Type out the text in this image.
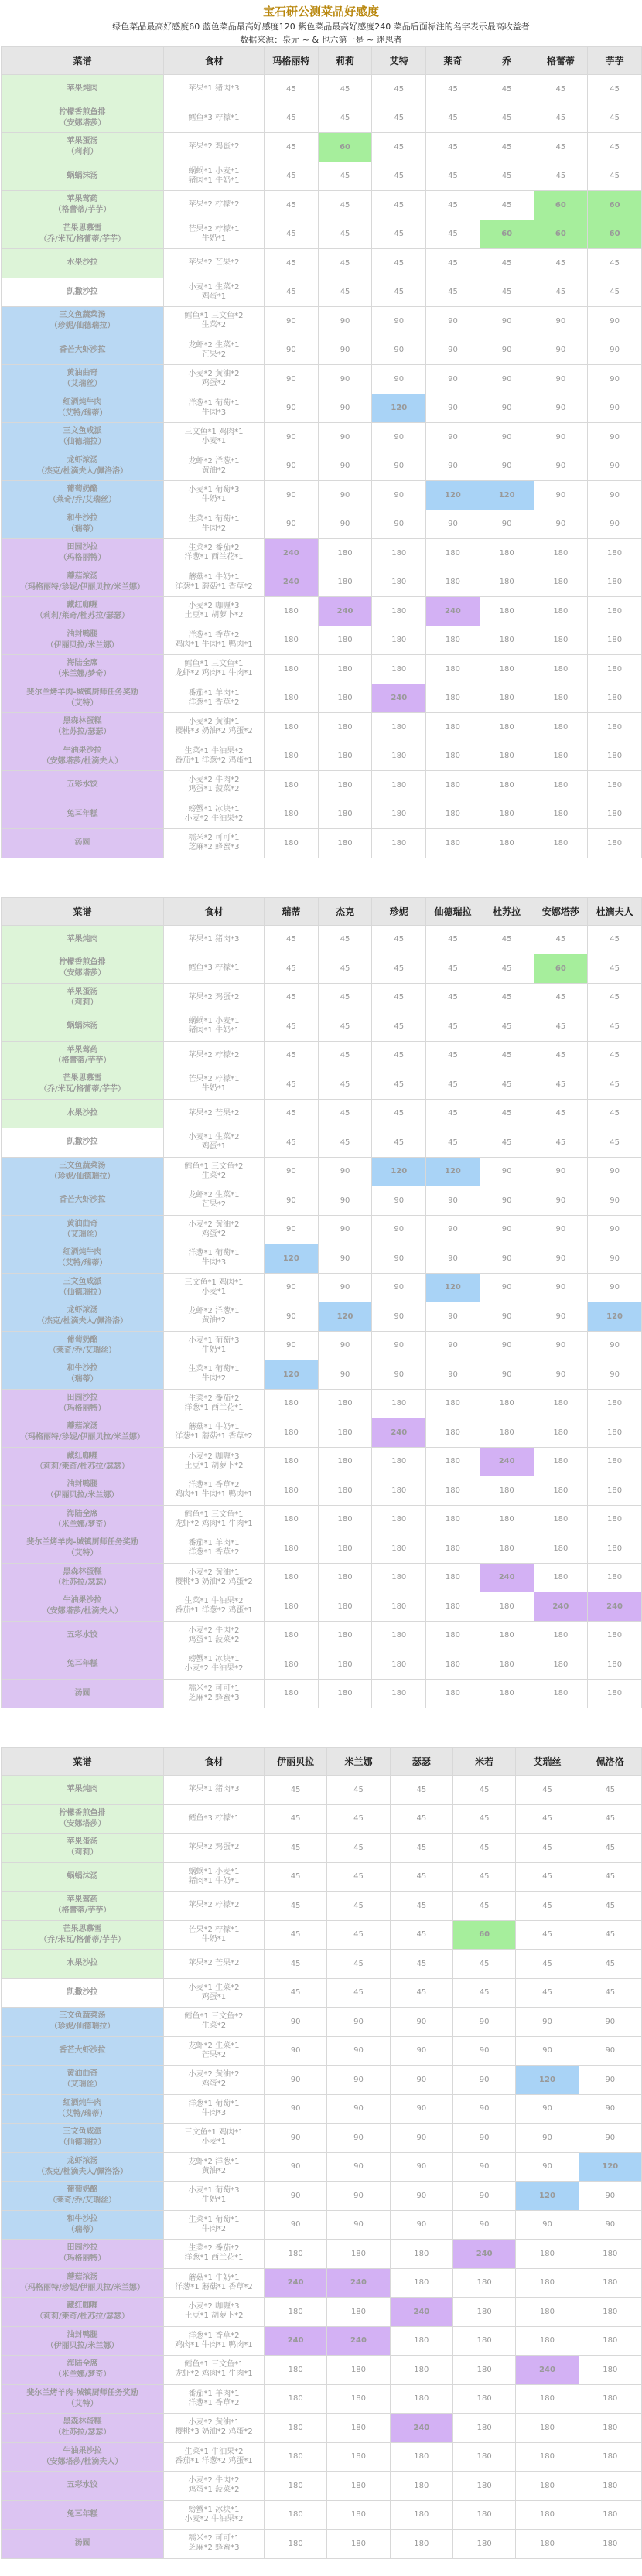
宝石研公测菜品好感度
绿色菜品最高好感度60 蓝色菜品最高好感度120 紫色菜品最高好感度240 菜品后面标注的名字表示最高收益者
数据来源：泉元 ~ & 也六第一是 ~ 迷思者
菜谱	食材	玛格丽特	莉莉	艾特	莱奇	乔	格蕾蒂	芋芋
苹果炖肉	苹果*1 猪肉*3	45	45	45	45	45	45	45
柠檬香煎鱼排
（安娜塔莎）	鳕鱼*3 柠檬*1	45	45	45	45	45	45	45
苹果蛋汤
（莉莉）	苹果*2 鸡蛋*2	45	60	45	45	45	45	45
蜗蜗沫汤	蜗蜗*1 小麦*1
猪肉*1 牛奶*1	45	45	45	45	45	45	45
苹果莺药
（格蕾蒂/芋芋）	苹果*2 柠檬*2	45	45	45	45	45	60	60
芒果思慕雪
（乔/米瓦/格蕾蒂/芋芋）	芒果*2 柠檬*1
牛奶*1	45	45	45	45	60	60	60
水果沙拉	苹果*2 芒果*2	45	45	45	45	45	45	45
凯撒沙拉	小麦*1 生菜*2
鸡蛋*1	45	45	45	45	45	45	45
三文鱼蔬菜汤
（珍妮/仙德瑞拉）	鳕鱼*1 三文鱼*2
生菜*2	90	90	90	90	90	90	90
香芒大虾沙拉	龙虾*2 生菜*1
芒果*2	90	90	90	90	90	90	90
黄油曲奇
（艾瑞丝）	小麦*2 黄油*2
鸡蛋*2	90	90	90	90	90	90	90
红酒炖牛肉
（艾特/瑞蒂）	洋葱*1 葡萄*1
牛肉*3	90	90	120	90	90	90	90
三文鱼咸派
（仙德瑞拉）	三文鱼*1 鸡肉*1
小麦*1	90	90	90	90	90	90	90
龙虾浓汤
（杰克/杜滴夫人/佩洛洛）	龙虾*2 洋葱*1
黄油*2	90	90	90	90	90	90	90
葡萄奶酪
（莱奇/乔/艾瑞丝）	小麦*1 葡萄*3
牛奶*1	90	90	90	120	120	90	90
和牛沙拉
（瑞蒂）	生菜*1 葡萄*1
牛肉*2	90	90	90	90	90	90	90
田园沙拉
（玛格丽特）	生菜*2 番茄*2
洋葱*1 西兰花*1	240	180	180	180	180	180	180
蘑菇浓汤
（玛格丽特/珍妮/伊丽贝拉/米兰娜）	蘑菇*1 牛奶*1
洋葱*1 蘑菇*1 香草*2	240	180	180	180	180	180	180
藏红咖喱
（莉莉/莱奇/杜苏拉/瑟瑟）	小麦*2 咖喱*3
土豆*1 胡萝卜*2	180	240	180	240	180	180	180
油封鸭腿
（伊丽贝拉/米兰娜）	洋葱*1 香草*2
鸡肉*1 牛肉*1 鸭肉*1	180	180	180	180	180	180	180
海陆全席
（米兰娜/梦奇）	鳕鱼*1 三文鱼*1
龙虾*2 鸡肉*1 牛肉*1	180	180	180	180	180	180	180
斐尔兰烤羊肉-城镇厨师任务奖励
（艾特）	番茄*1 羊肉*1
洋葱*1 香草*2	180	180	240	180	180	180	180
黑森林蛋糕
（杜苏拉/瑟瑟）	小麦*2 黄油*1
樱桃*3 奶油*2 鸡蛋*2	180	180	180	180	180	180	180
牛油果沙拉
（安娜塔莎/杜滴夫人）	生菜*1 牛油果*2
番茄*1 洋葱*2 鸡蛋*1	180	180	180	180	180	180	180
五彩水饺	小麦*2 牛肉*2
鸡蛋*1 菠菜*2	180	180	180	180	180	180	180
兔耳年糕	螃蟹*1 冰块*1
小麦*2 牛油果*2	180	180	180	180	180	180	180
汤圆	糯米*2 可可*1
芝麻*2 蜂蜜*3	180	180	180	180	180	180	180
菜谱	食材	瑞蒂	杰克	珍妮	仙德瑞拉	杜苏拉	安娜塔莎	杜滴夫人
苹果炖肉	苹果*1 猪肉*3	45	45	45	45	45	45	45
柠檬香煎鱼排
（安娜塔莎）	鳕鱼*3 柠檬*1	45	45	45	45	45	60	45
苹果蛋汤
（莉莉）	苹果*2 鸡蛋*2	45	45	45	45	45	45	45
蜗蜗沫汤	蜗蜗*1 小麦*1
猪肉*1 牛奶*1	45	45	45	45	45	45	45
苹果莺药
（格蕾蒂/芋芋）	苹果*2 柠檬*2	45	45	45	45	45	45	45
芒果思慕雪
（乔/米瓦/格蕾蒂/芋芋）	芒果*2 柠檬*1
牛奶*1	45	45	45	45	45	45	45
水果沙拉	苹果*2 芒果*2	45	45	45	45	45	45	45
凯撒沙拉	小麦*1 生菜*2
鸡蛋*1	45	45	45	45	45	45	45
三文鱼蔬菜汤
（珍妮/仙德瑞拉）	鳕鱼*1 三文鱼*2
生菜*2	90	90	120	120	90	90	90
香芒大虾沙拉	龙虾*2 生菜*1
芒果*2	90	90	90	90	90	90	90
黄油曲奇
（艾瑞丝）	小麦*2 黄油*2
鸡蛋*2	90	90	90	90	90	90	90
红酒炖牛肉
（艾特/瑞蒂）	洋葱*1 葡萄*1
牛肉*3	120	90	90	90	90	90	90
三文鱼咸派
（仙德瑞拉）	三文鱼*1 鸡肉*1
小麦*1	90	90	90	120	90	90	90
龙虾浓汤
（杰克/杜滴夫人/佩洛洛）	龙虾*2 洋葱*1
黄油*2	90	120	90	90	90	90	120
葡萄奶酪
（莱奇/乔/艾瑞丝）	小麦*1 葡萄*3
牛奶*1	90	90	90	90	90	90	90
和牛沙拉
（瑞蒂）	生菜*1 葡萄*1
牛肉*2	120	90	90	90	90	90	90
田园沙拉
（玛格丽特）	生菜*2 番茄*2
洋葱*1 西兰花*1	180	180	180	180	180	180	180
蘑菇浓汤
（玛格丽特/珍妮/伊丽贝拉/米兰娜）	蘑菇*1 牛奶*1
洋葱*1 蘑菇*1 香草*2	180	180	240	180	180	180	180
藏红咖喱
（莉莉/莱奇/杜苏拉/瑟瑟）	小麦*2 咖喱*3
土豆*1 胡萝卜*2	180	180	180	180	240	180	180
油封鸭腿
（伊丽贝拉/米兰娜）	洋葱*1 香草*2
鸡肉*1 牛肉*1 鸭肉*1	180	180	180	180	180	180	180
海陆全席
（米兰娜/梦奇）	鳕鱼*1 三文鱼*1
龙虾*2 鸡肉*1 牛肉*1	180	180	180	180	180	180	180
斐尔兰烤羊肉-城镇厨师任务奖励
（艾特）	番茄*1 羊肉*1
洋葱*1 香草*2	180	180	180	180	180	180	180
黑森林蛋糕
（杜苏拉/瑟瑟）	小麦*2 黄油*1
樱桃*3 奶油*2 鸡蛋*2	180	180	180	180	240	180	180
牛油果沙拉
（安娜塔莎/杜滴夫人）	生菜*1 牛油果*2
番茄*1 洋葱*2 鸡蛋*1	180	180	180	180	180	240	240
五彩水饺	小麦*2 牛肉*2
鸡蛋*1 菠菜*2	180	180	180	180	180	180	180
兔耳年糕	螃蟹*1 冰块*1
小麦*2 牛油果*2	180	180	180	180	180	180	180
汤圆	糯米*2 可可*1
芝麻*2 蜂蜜*3	180	180	180	180	180	180	180
菜谱	食材	伊丽贝拉	米兰娜	瑟瑟	米若	艾瑞丝	佩洛洛
苹果炖肉	苹果*1 猪肉*3	45	45	45	45	45	45
柠檬香煎鱼排
（安娜塔莎）	鳕鱼*3 柠檬*1	45	45	45	45	45	45
苹果蛋汤
（莉莉）	苹果*2 鸡蛋*2	45	45	45	45	45	45
蜗蜗沫汤	蜗蜗*1 小麦*1
猪肉*1 牛奶*1	45	45	45	45	45	45
苹果莺药
（格蕾蒂/芋芋）	苹果*2 柠檬*2	45	45	45	45	45	45
芒果思慕雪
（乔/米瓦/格蕾蒂/芋芋）	芒果*2 柠檬*1
牛奶*1	45	45	45	60	45	45
水果沙拉	苹果*2 芒果*2	45	45	45	45	45	45
凯撒沙拉	小麦*1 生菜*2
鸡蛋*1	45	45	45	45	45	45
三文鱼蔬菜汤
（珍妮/仙德瑞拉）	鳕鱼*1 三文鱼*2
生菜*2	90	90	90	90	90	90
香芒大虾沙拉	龙虾*2 生菜*1
芒果*2	90	90	90	90	90	90
黄油曲奇
（艾瑞丝）	小麦*2 黄油*2
鸡蛋*2	90	90	90	90	120	90
红酒炖牛肉
（艾特/瑞蒂）	洋葱*1 葡萄*1
牛肉*3	90	90	90	90	90	90
三文鱼咸派
（仙德瑞拉）	三文鱼*1 鸡肉*1
小麦*1	90	90	90	90	90	90
龙虾浓汤
（杰克/杜滴夫人/佩洛洛）	龙虾*2 洋葱*1
黄油*2	90	90	90	90	90	120
葡萄奶酪
（莱奇/乔/艾瑞丝）	小麦*1 葡萄*3
牛奶*1	90	90	90	90	120	90
和牛沙拉
（瑞蒂）	生菜*1 葡萄*1
牛肉*2	90	90	90	90	90	90
田园沙拉
（玛格丽特）	生菜*2 番茄*2
洋葱*1 西兰花*1	180	180	180	240	180	180
蘑菇浓汤
（玛格丽特/珍妮/伊丽贝拉/米兰娜）	蘑菇*1 牛奶*1
洋葱*1 蘑菇*1 香草*2	240	240	180	180	180	180
藏红咖喱
（莉莉/莱奇/杜苏拉/瑟瑟）	小麦*2 咖喱*3
土豆*1 胡萝卜*2	180	180	240	180	180	180
油封鸭腿
（伊丽贝拉/米兰娜）	洋葱*1 香草*2
鸡肉*1 牛肉*1 鸭肉*1	240	240	180	180	180	180
海陆全席
（米兰娜/梦奇）	鳕鱼*1 三文鱼*1
龙虾*2 鸡肉*1 牛肉*1	180	180	180	180	240	180
斐尔兰烤羊肉-城镇厨师任务奖励
（艾特）	番茄*1 羊肉*1
洋葱*1 香草*2	180	180	180	180	180	180
黑森林蛋糕
（杜苏拉/瑟瑟）	小麦*2 黄油*1
樱桃*3 奶油*2 鸡蛋*2	180	180	240	180	180	180
牛油果沙拉
（安娜塔莎/杜滴夫人）	生菜*1 牛油果*2
番茄*1 洋葱*2 鸡蛋*1	180	180	180	180	180	180
五彩水饺	小麦*2 牛肉*2
鸡蛋*1 菠菜*2	180	180	180	180	180	180
兔耳年糕	螃蟹*1 冰块*1
小麦*2 牛油果*2	180	180	180	180	180	180
汤圆	糯米*2 可可*1
芝麻*2 蜂蜜*3	180	180	180	180	180	180
